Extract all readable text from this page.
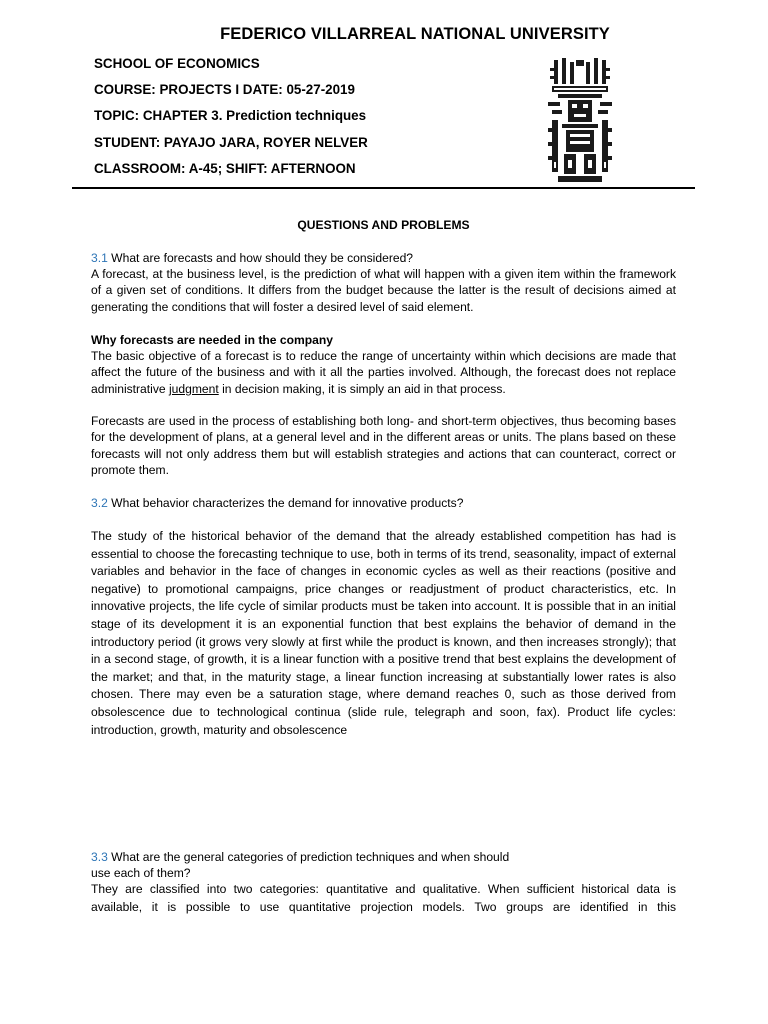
FEDERICO VILLARREAL NATIONAL UNIVERSITY
SCHOOL OF ECONOMICS
COURSE: PROJECTS I DATE: 05-27-2019
TOPIC: CHAPTER 3. Prediction techniques
STUDENT: PAYAJO JARA, ROYER NELVER
CLASSROOM: A-45; SHIFT: AFTERNOON
QUESTIONS AND PROBLEMS
3.1 What are forecasts and how should they be considered?
A forecast, at the business level, is the prediction of what will happen with a given item within the framework of a given set of conditions. It differs from the budget because the latter is the result of decisions aimed at generating the conditions that will foster a desired level of said element.
Why forecasts are needed in the company
The basic objective of a forecast is to reduce the range of uncertainty within which decisions are made that affect the future of the business and with it all the parties involved. Although, the forecast does not replace administrative judgment in decision making, it is simply an aid in that process.
Forecasts are used in the process of establishing both long- and short-term objectives, thus becoming bases for the development of plans, at a general level and in the different areas or units. The plans based on these forecasts will not only address them but will establish strategies and actions that can counteract, correct or promote them.
3.2 What behavior characterizes the demand for innovative products?
The study of the historical behavior of the demand that the already established competition has had is essential to choose the forecasting technique to use, both in terms of its trend, seasonality, impact of external variables and behavior in the face of changes in economic cycles as well as their reactions (positive and negative) to promotional campaigns, price changes or readjustment of product characteristics, etc. In innovative projects, the life cycle of similar products must be taken into account. It is possible that in an initial stage of its development it is an exponential function that best explains the behavior of demand in the introductory period (it grows very slowly at first while the product is known, and then increases strongly); that in a second stage, of growth, it is a linear function with a positive trend that best explains the development of the market; and that, in the maturity stage, a linear function increasing at substantially lower rates is also chosen. There may even be a saturation stage, where demand reaches 0, such as those derived from obsolescence due to technological continua (slide rule, telegraph and soon, fax). Product life cycles: introduction, growth, maturity and obsolescence
3.3 What are the general categories of prediction techniques and when should
use each of them?
They are classified into two categories: quantitative and qualitative. When sufficient historical data is available, it is possible to use quantitative projection models. Two groups are identified in this
